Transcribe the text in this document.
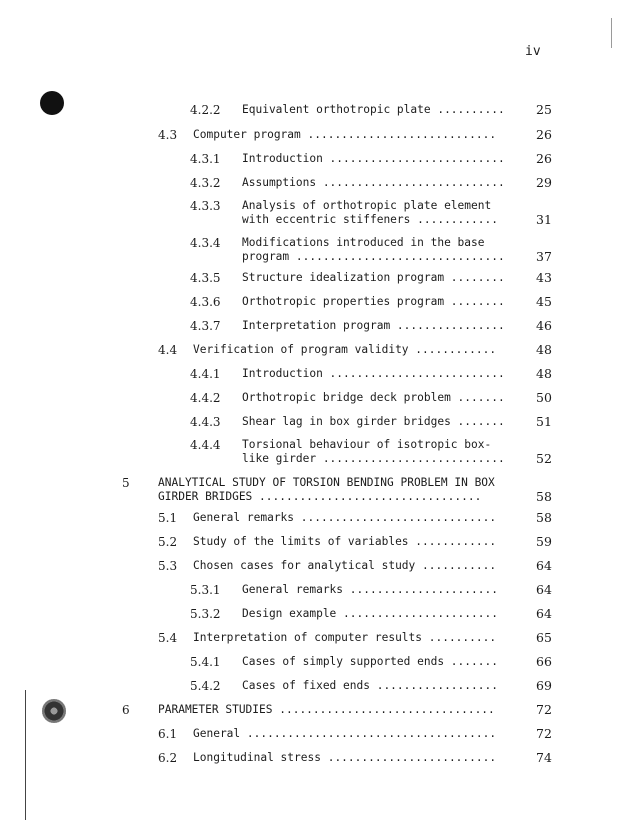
iv
4.2.2 Equivalent orthotropic plate ..........	25
4.3 Computer program ............................	26
4.3.1 Introduction ..........................	26
4.3.2 Assumptions ...........................	29
4.3.3 Analysis of orthotropic plate element
with eccentric stiffeners ............	31
4.3.4 Modifications introduced in the base
program ...............................	37
4.3.5 Structure idealization program ........	43
4.3.6 Orthotropic properties program ........	45
4.3.7 Interpretation program ................	46
4.4 Verification of program validity ............	48
4.4.1 Introduction ..........................	48
4.4.2 Orthotropic bridge deck problem .......	50
4.4.3 Shear lag in box girder bridges .......	51
4.4.4 Torsional behaviour of isotropic box-
like girder ...........................	52
5	ANALYTICAL STUDY OF TORSION BENDING PROBLEM IN BOX
GIRDER BRIDGES .................................	58
5.1 General remarks .............................	58
5.2 Study of the limits of variables ............	59
5.3 Chosen cases for analytical study ...........	64
5.3.1 General remarks ......................	64
5.3.2 Design example .......................	64
5.4 Interpretation of computer results ..........	65
5.4.1 Cases of simply supported ends .......	66
5.4.2 Cases of fixed ends ..................	69
6	PARAMETER STUDIES ................................	72
6.1 General .....................................	72
6.2 Longitudinal stress .........................	74
